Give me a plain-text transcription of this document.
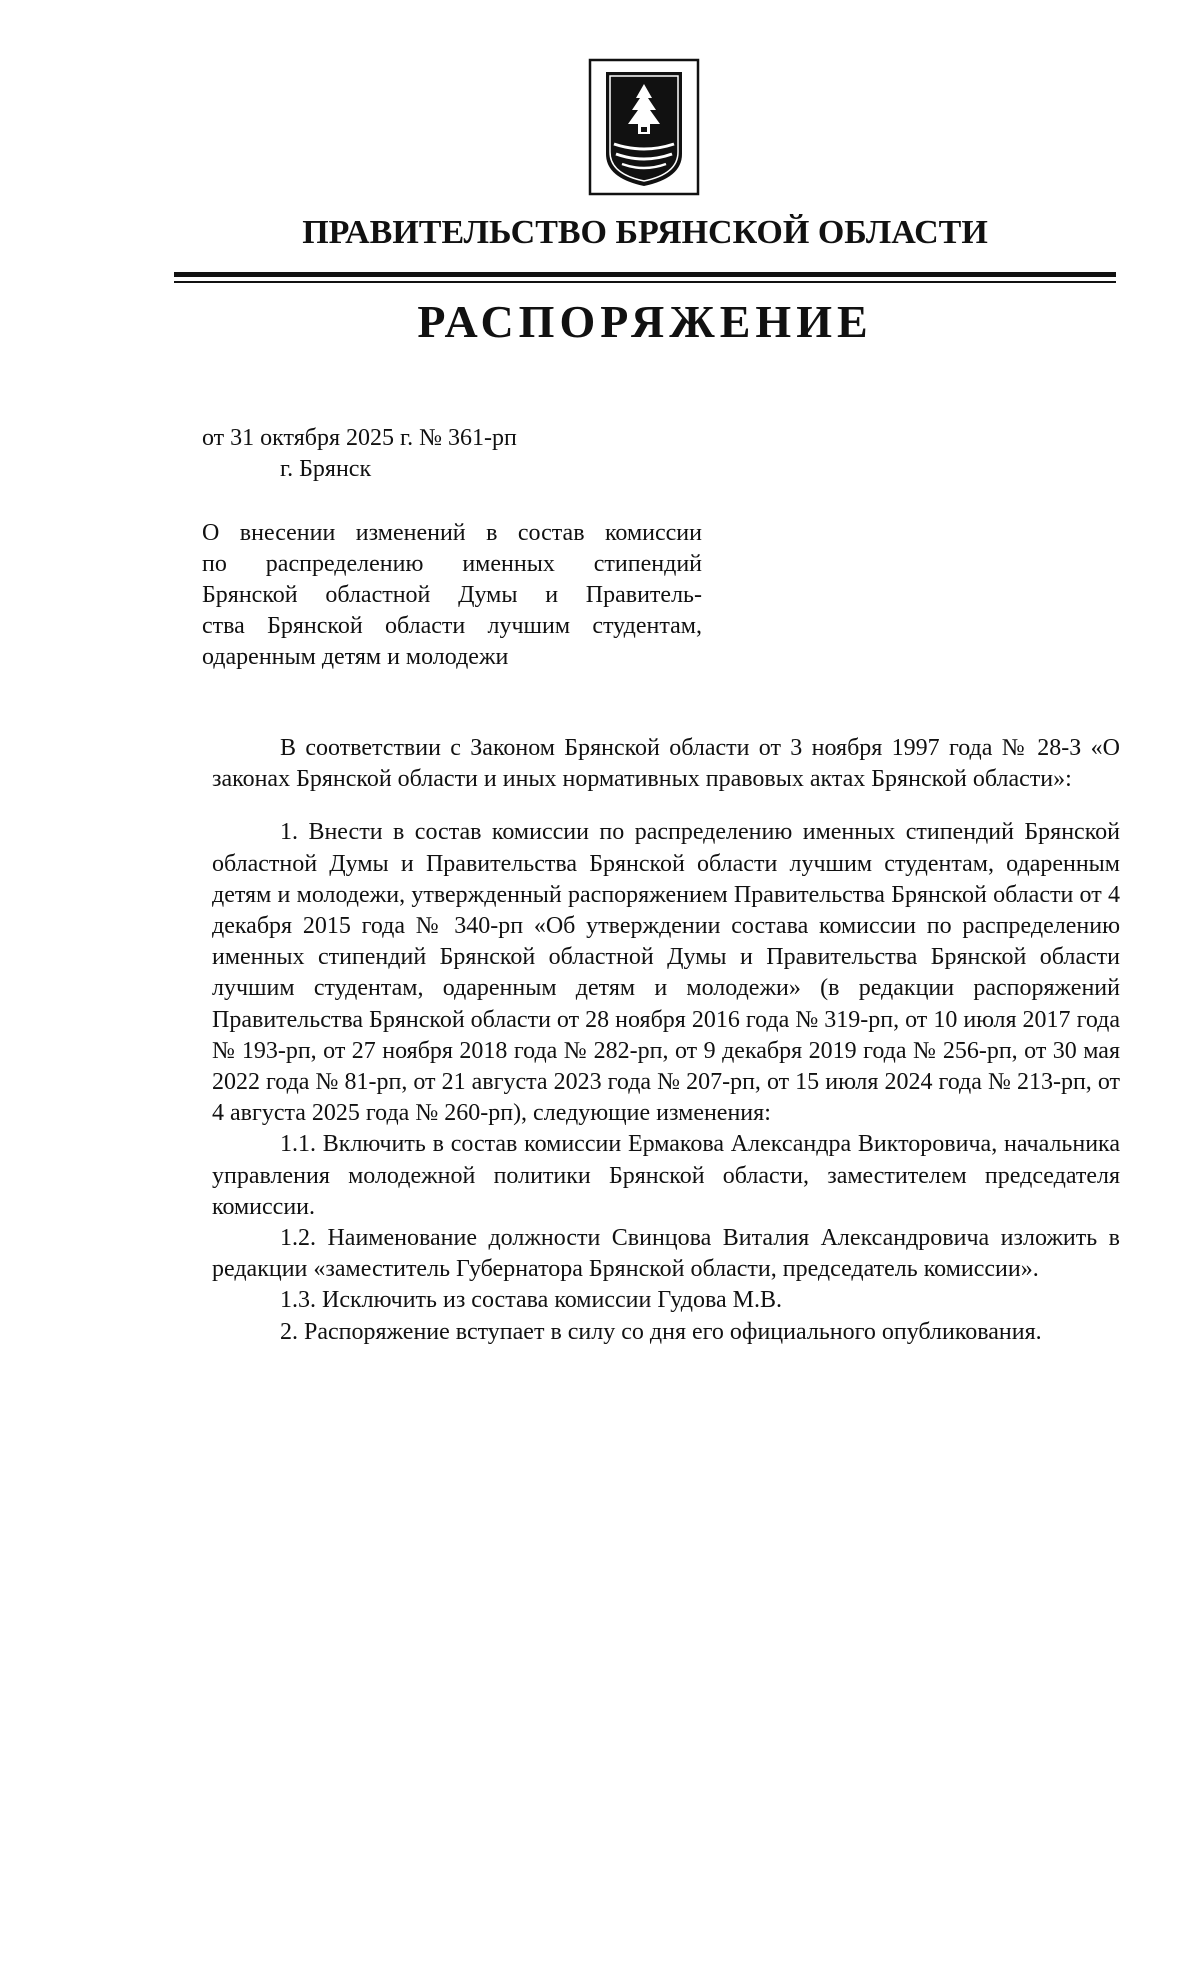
ПРАВИТЕЛЬСТВО БРЯНСКОЙ ОБЛАСТИ
РАСПОРЯЖЕНИЕ
от 31 октября 2025 г. № 361-рп
г. Брянск
О внесении изменений в состав комиссии
по распределению именных стипендий
Брянской областной Думы и Правитель-
ства Брянской области лучшим студентам,
одаренным детям и молодежи

В соответствии с Законом Брянской области от 3 ноября 1997 года № 28-З «О законах Брянской области и иных нормативных правовых актах Брянской области»:

1. Внести в состав комиссии по распределению именных стипендий Брянской областной Думы и Правительства Брянской области лучшим студентам, одаренным детям и молодежи, утвержденный распоряжением Правительства Брянской области от 4 декабря 2015 года № 340-рп «Об утверждении состава комиссии по распределению именных стипендий Брянской областной Думы и Правительства Брянской области лучшим студентам, одаренным детям и молодежи» (в редакции распоряжений Правительства Брянской области от 28 ноября 2016 года № 319-рп, от 10 июля 2017 года № 193-рп, от 27 ноября 2018 года № 282-рп, от 9 декабря 2019 года № 256-рп, от 30 мая 2022 года № 81-рп, от 21 августа 2023 года № 207-рп, от 15 июля 2024 года № 213-рп, от 4 августа 2025 года № 260-рп), следующие изменения:

1.1. Включить в состав комиссии Ермакова Александра Викторовича, начальника управления молодежной политики Брянской области, заместителем председателя комиссии.

1.2. Наименование должности Свинцова Виталия Александровича изложить в редакции «заместитель Губернатора Брянской области, председатель комиссии».

1.3. Исключить из состава комиссии Гудова М.В.

2. Распоряжение вступает в силу со дня его официального опубликования.
